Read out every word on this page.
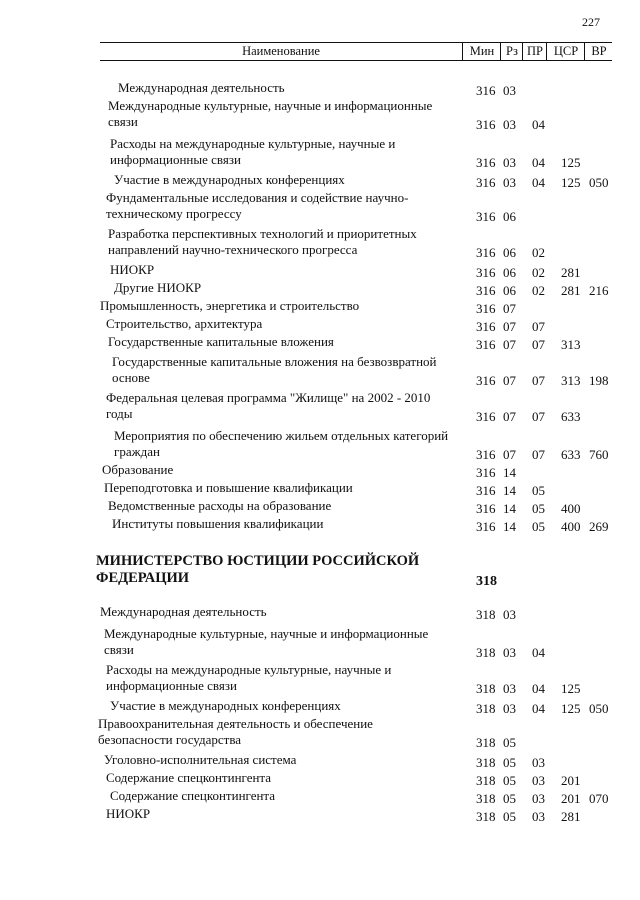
227
Наименование	Мин Рз ПР ЦСР	ВР
Международная деятельность	316 03
Международные культурные, научные и информационные связи	316 03 04
Расходы на международные культурные, научные и информационные связи	316 03 04 125
Участие в международных конференциях	316 03 04 125 050
Фундаментальные исследования и содействие научно-техническому прогрессу	316 06
Разработка перспективных технологий и приоритетных направлений научно-технического прогресса	316 06 02
НИОКР	316 06 02 281
Другие НИОКР	316 06 02 281 216
Промышленность, энергетика и строительство	316 07
Строительство, архитектура	316 07 07
Государственные капитальные вложения	316 07 07 313
Государственные капитальные вложения на безвозвратной основе	316 07 07 313 198
Федеральная целевая программа "Жилище" на 2002 - 2010 годы	316 07 07 633
Мероприятия по обеспечению жильем отдельных категорий граждан	316 07 07 633 760
Образование	316 14
Переподготовка и повышение квалификации	316 14 05
Ведомственные расходы на образование	316 14 05 400
Институты повышения квалификации	316 14 05 400 269
МИНИСТЕРСТВО ЮСТИЦИИ РОССИЙСКОЙ ФЕДЕРАЦИИ	318
Международная деятельность	318 03
Международные культурные, научные и информационные связи	318 03 04
Расходы на международные культурные, научные и информационные связи	318 03 04 125
Участие в международных конференциях	318 03 04 125 050
Правоохранительная деятельность и обеспечение безопасности государства	318 05
Уголовно-исполнительная система	318 05 03
Содержание спецконтингента	318 05 03 201
Содержание спецконтингента	318 05 03 201 070
НИОКР	318 05 03 281
